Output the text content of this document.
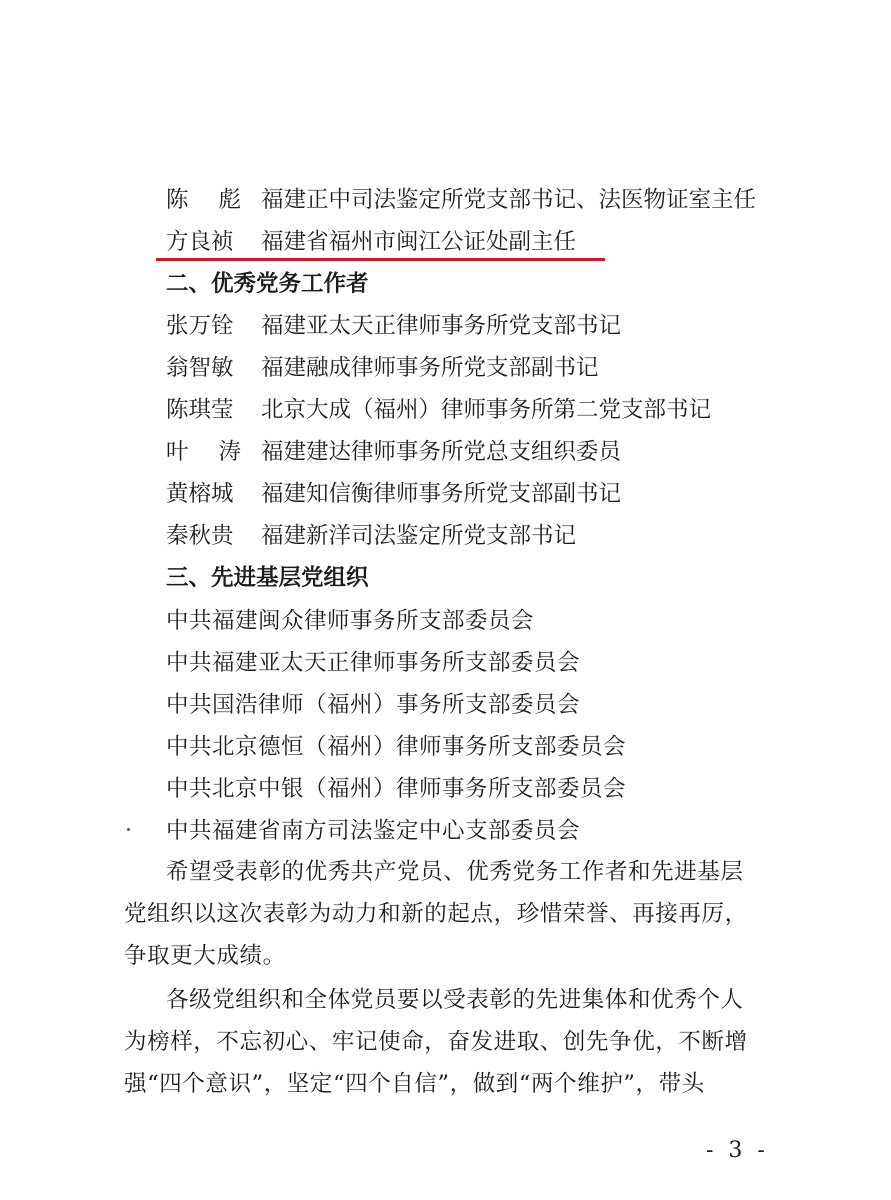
陈彪福建正中司法鉴定所党支部书记、法医物证室主任
方良祯 福建省福州市闽江公证处副主任
二、优秀党务工作者
张万铨 福建亚太天正律师事务所党支部书记
翁智敏 福建融成律师事务所党支部副书记
陈琪莹 北京大成（福州）律师事务所第二党支部书记
叶涛福建建达律师事务所党总支组织委员
黄榕城 福建知信衡律师事务所党支部副书记
秦秋贵 福建新洋司法鉴定所党支部书记
三、先进基层党组织
中共福建闽众律师事务所支部委员会
中共福建亚太天正律师事务所支部委员会
中共国浩律师（福州）事务所支部委员会
中共北京德恒（福州）律师事务所支部委员会
中共北京中银（福州）律师事务所支部委员会
中共福建省南方司法鉴定中心支部委员会
希望受表彰的优秀共产党员、优秀党务工作者和先进基层
党组织以这次表彰为动力和新的起点，珍惜荣誉、再接再厉，
争取更大成绩。
各级党组织和全体党员要以受表彰的先进集体和优秀个人
为榜样，不忘初心、牢记使命，奋发进取、创先争优，不断增
强“四个意识”，坚定“四个自信”，做到“两个维护”，带头
- 3 -
